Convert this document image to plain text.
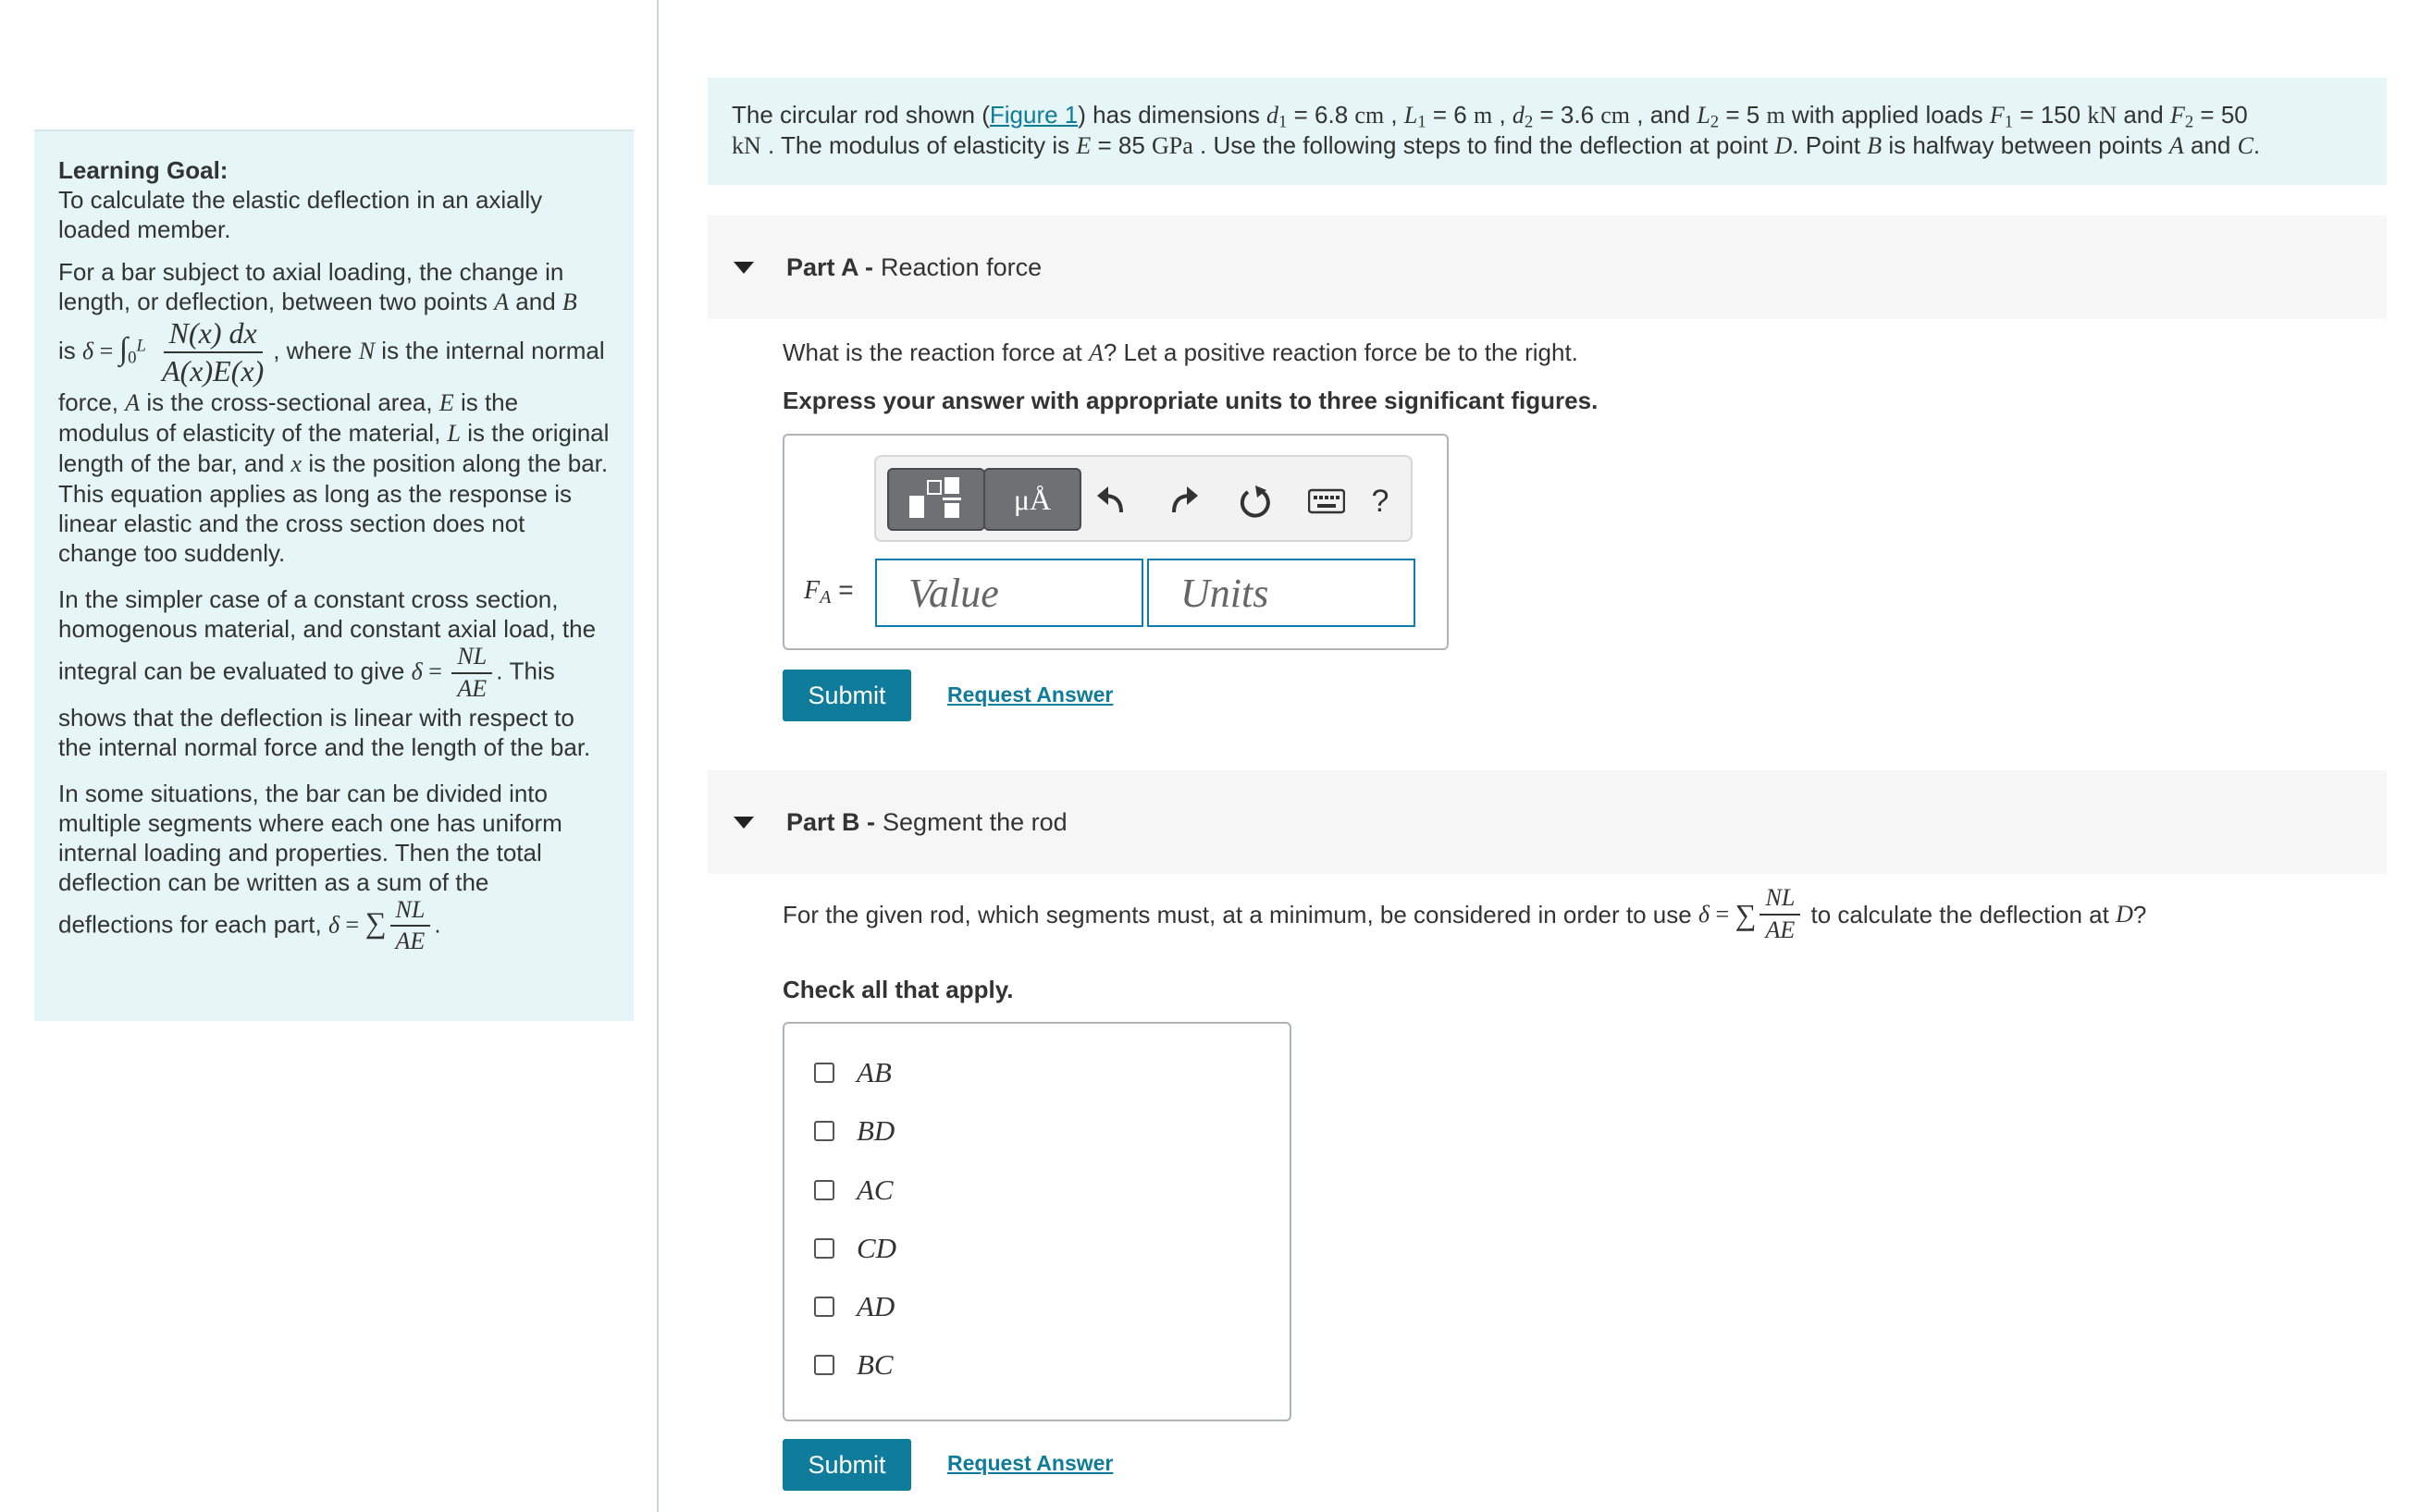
Learning Goal:
To calculate the elastic deflection in an axially loaded member.

For a bar subject to axial loading, the change in length, or deflection, between two points A and B
is $\delta = \int_0^L \frac{N(x) dx}{A(x)E(x)}$ , where N is the internal normal force, A is the cross-sectional area, E is the modulus of elasticity of the material, L is the original length of the bar, and x is the position along the bar. This equation applies as long as the response is linear elastic and the cross section does not change too suddenly.

In the simpler case of a constant cross section, homogenous material, and constant axial load, the integral can be evaluated to give $\delta = \frac{NL}{AE}$ . This shows that the deflection is linear with respect to the internal normal force and the length of the bar.

In some situations, the bar can be divided into multiple segments where each one has uniform internal loading and properties. Then the total deflection can be written as a sum of the deflections for each part, δ = ∑ $\frac{NL}{AE}$ .

The circular rod shown (Figure 1) has dimensions $d_1 = 6.8$ cm , $L_1 = 6$ m , $d_2 = 3.6$ cm , and $L_2 = 5$ m with applied loads $F_1 = 150$ kN and $F_2 = 50$
kN . The modulus of elasticity is E = 85 GPa . Use the following steps to find the deflection at point D. Point B is halfway between points A and C.
Part A - Reaction force
What is the reaction force at A? Let a positive reaction force be to the right.
Express your answer with appropriate units to three significant figures.
μÅ	?
$F_A$ =
Value
Units
Submit	Request Answer
Part B - Segment the rod
For the given rod, which segments must, at a minimum, be considered in order to use δ = ∑ $\frac{NL}{AE}$ to calculate the deflection at D ?
Check all that apply.
AB
BD
AC
CD
AD
BC
Submit	Request Answer
